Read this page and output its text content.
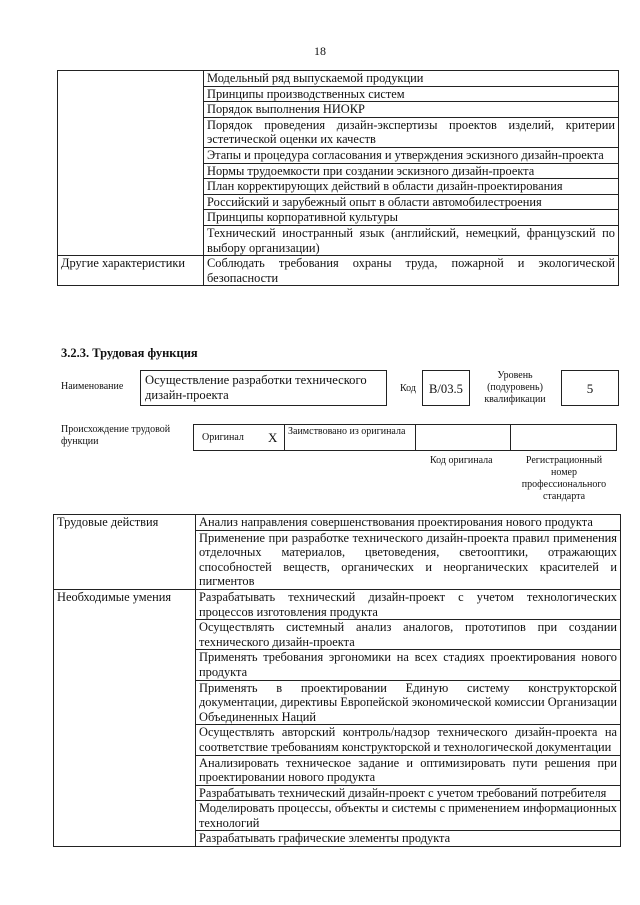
18
	Модельный ряд выпускаемой продукции
	Принципы производственных систем
	Порядок выполнения НИОКР
	Порядок проведения дизайн-экспертизы проектов изделий, критерии эстетической оценки их качеств
	Этапы и процедура согласования и утверждения эскизного дизайн-проекта
	Нормы трудоемкости при создании эскизного дизайн-проекта
	План корректирующих действий в области дизайн-проектирования
	Российский и зарубежный опыт в области автомобилестроения
	Принципы корпоративной культуры
	Технический иностранный язык (английский, немецкий, французский по выбору организации)
Другие характеристики	Соблюдать требования охраны труда, пожарной и экологической безопасности
3.2.3. Трудовая функция
Наименование	Осуществление разработки технического дизайн-проекта	Код	B/03.5
Уровень (подуровень) квалификации
5
Происхождение трудовой функции	Оригинал X Заимствовано из оригинала
Код оригинала	Регистрационный номер профессионального стандарта
Трудовые действия	Анализ направления совершенствования проектирования нового продукта
	Применение при разработке технического дизайн-проекта правил применения отделочных материалов, цветоведения, светооптики, отражающих способностей веществ, органических и неорганических красителей и пигментов
Необходимые умения	Разрабатывать технический дизайн-проект с учетом технологических процессов изготовления продукта
	Осуществлять системный анализ аналогов, прототипов при создании технического дизайн-проекта
	Применять требования эргономики на всех стадиях проектирования нового продукта
	Применять в проектировании Единую систему конструкторской документации, директивы Европейской экономической комиссии Организации Объединенных Наций
	Осуществлять авторский контроль/надзор технического дизайн-проекта на соответствие требованиям конструкторской и технологической документации
	Анализировать техническое задание и оптимизировать пути решения при проектировании нового продукта
	Разрабатывать технический дизайн-проект с учетом требований потребителя
	Моделировать процессы, объекты и системы с применением информационных технологий
	Разрабатывать графические элементы продукта
